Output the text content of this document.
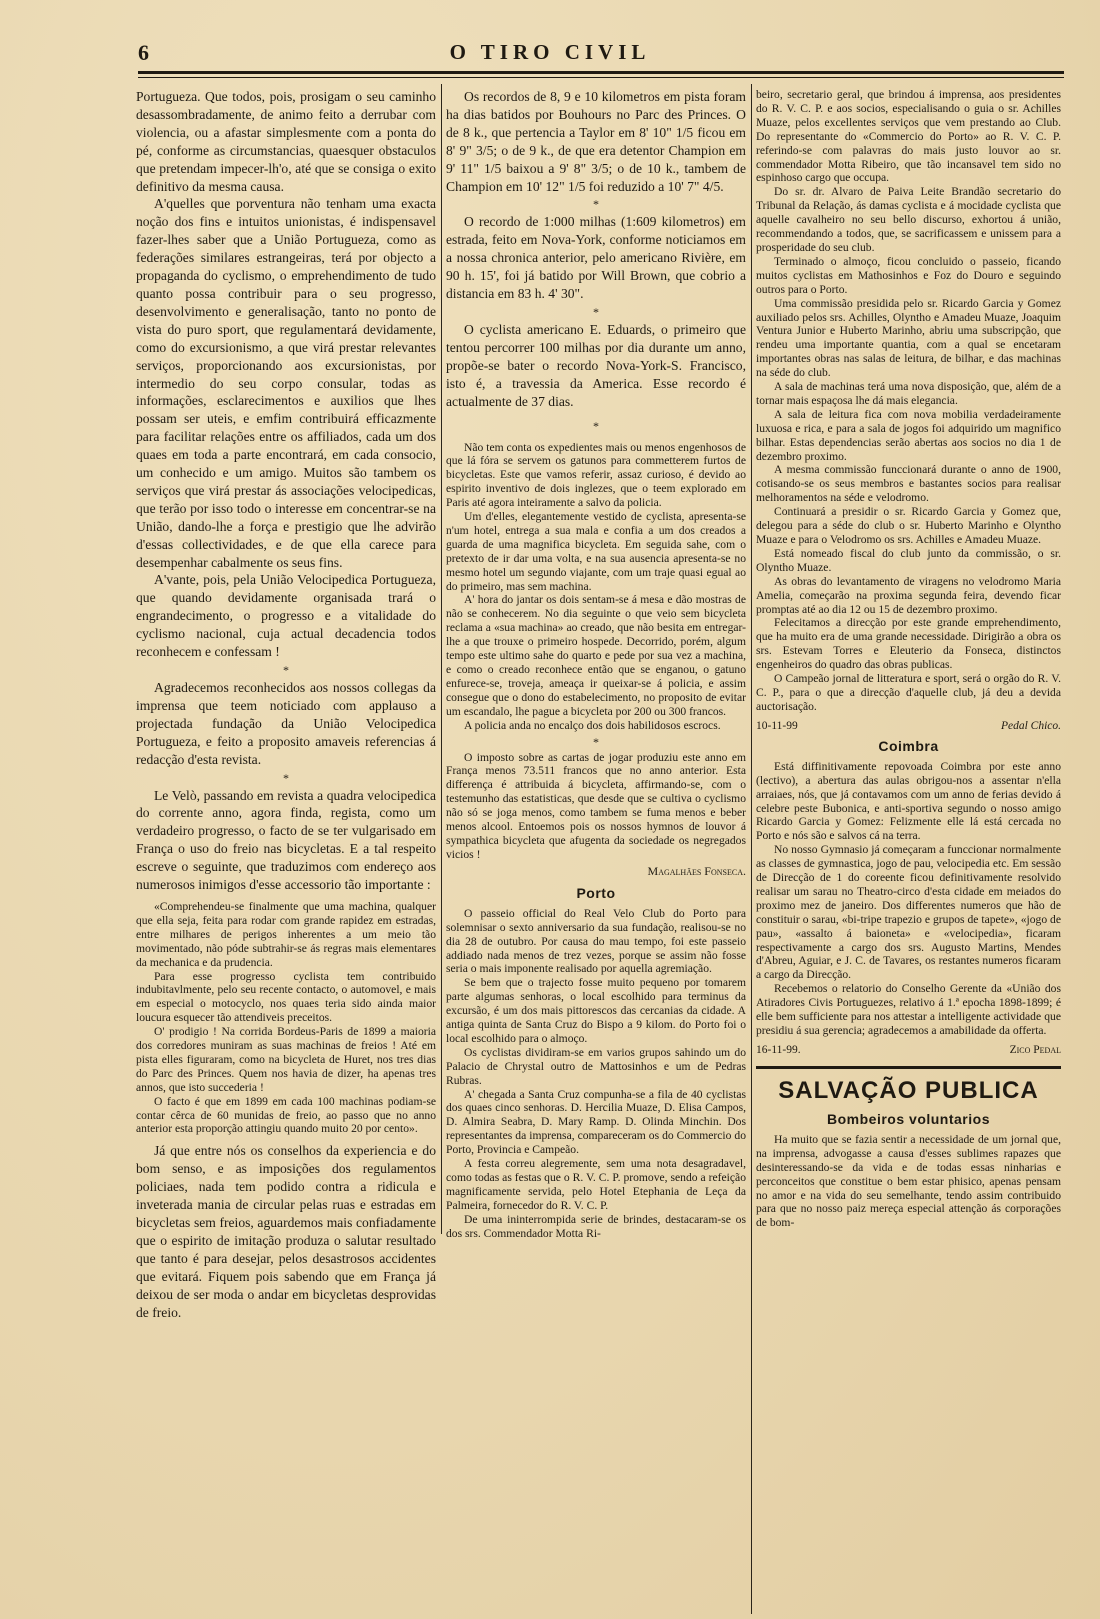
6	O TIRO CIVIL

Portugueza. Que todos, pois, prosigam o seu caminho desassombradamente, de animo feito a derrubar com violencia, ou a afastar simplesmente com a ponta do pé, conforme as circumstancias, quaesquer obstaculos que pretendam impecer-lh'o, até que se consiga o exito definitivo da mesma causa.

A'quelles que porventura não tenham uma exacta noção dos fins e intuitos unionistas, é indispensavel fazer-lhes saber que a União Portugueza, como as federações similares estrangeiras, terá por objecto a propaganda do cyclismo, o emprehendimento de tudo quanto possa contribuir para o seu progresso, desenvolvimento e generalisação, tanto no ponto de vista do puro sport, que regulamentará devidamente, como do excursionismo, a que virá prestar relevantes serviços, proporcionando aos excursionistas, por intermedio do seu corpo consular, todas as informações, esclarecimentos e auxilios que lhes possam ser uteis, e emfim contribuirá efficazmente para facilitar relações entre os affiliados, cada um dos quaes em toda a parte encontrará, em cada consocio, um conhecido e um amigo. Muitos são tambem os serviços que virá prestar ás associações velocipedicas, que terão por isso todo o interesse em concentrar-se na União, dando-lhe a força e prestigio que lhe advirão d'essas collectividades, e de que ella carece para desempenhar cabalmente os seus fins.

A'vante, pois, pela União Velocipedica Portugueza, que quando devidamente organisada trará o engrandecimento, o progresso e a vitalidade do cyclismo nacional, cuja actual decadencia todos reconhecem e confessam !

*

Agradecemos reconhecidos aos nossos collegas da imprensa que teem noticiado com applauso a projectada fundação da União Velocipedica Portugueza, e feito a proposito amaveis referencias á redacção d'esta revista.

*

Le Velò, passando em revista a quadra velocipedica do corrente anno, agora finda, regista, como um verdadeiro progresso, o facto de se ter vulgarisado em França o uso do freio nas bicycletas. E a tal respeito escreve o seguinte, que traduzimos com endereço aos numerosos inimigos d'esse accessorio tão importante :

«Comprehendeu-se finalmente que uma machina, qualquer que ella seja, feita para rodar com grande rapidez em estradas, entre milhares de perigos inherentes a um meio tão movimentado, não póde subtrahir-se ás regras mais elementares da mechanica e da prudencia.

Para esse progresso cyclista tem contribuido indubitavlmente, pelo seu recente contacto, o automovel, e mais em especial o motocyclo, nos quaes teria sido ainda maior loucura esquecer tão attendiveis preceitos.

O' prodigio ! Na corrida Bordeus-Paris de 1899 a maioria dos corredores muniram as suas machinas de freios ! Até em pista elles figuraram, como na bicycleta de Huret, nos tres dias do Parc des Princes. Quem nos havia de dizer, ha apenas tres annos, que isto succederia !

O facto é que em 1899 em cada 100 machinas podiam-se contar cêrca de 60 munidas de freio, ao passo que no anno anterior esta proporção attingiu quando muito 20 por cento».

Já que entre nós os conselhos da experiencia e do bom senso, e as imposições dos regulamentos policiaes, nada tem podido contra a ridicula e inveterada mania de circular pelas ruas e estradas em bicycletas sem freios, aguardemos mais confiadamente que o espirito de imitação produza o salutar resultado que tanto é para desejar, pelos desastrosos accidentes que evitará. Fiquem pois sabendo que em França já deixou de ser moda o andar em bicycletas desprovidas de freio.

Os recordos de 8, 9 e 10 kilometros em pista foram ha dias batidos por Bouhours no Parc des Princes. O de 8 k., que pertencia a Taylor em 8' 10" 1/5 ficou em 8' 9" 3/5; o de 9 k., de que era detentor Champion em 9' 11" 1/5 baixou a 9' 8" 3/5; o de 10 k., tambem de Champion em 10' 12" 1/5 foi reduzido a 10' 7" 4/5.

*

O recordo de 1:000 milhas (1:609 kilometros) em estrada, feito em Nova-York, conforme noticiamos em a nossa chronica anterior, pelo americano Rivière, em 90 h. 15', foi já batido por Will Brown, que cobrio a distancia em 83 h. 4' 30".

*

O cyclista americano E. Eduards, o primeiro que tentou percorrer 100 milhas por dia durante um anno, propõe-se bater o recordo Nova-York-S. Francisco, isto é, a travessia da America. Esse recordo é actualmente de 37 dias.

*

Não tem conta os expedientes mais ou menos engenhosos de que lá fóra se servem os gatunos para commetterem furtos de bicycletas. Este que vamos referir, assaz curioso, é devido ao espirito inventivo de dois inglezes, que o teem explorado em Paris até agora inteiramente a salvo da policia.

Um d'elles, elegantemente vestido de cyclista, apresenta-se n'um hotel, entrega a sua mala e confia a um dos creados a guarda de uma magnifica bicycleta. Em seguida sahe, com o pretexto de ir dar uma volta, e na sua ausencia apresenta-se no mesmo hotel um segundo viajante, com um traje quasi egual ao do primeiro, mas sem machina.

A' hora do jantar os dois sentam-se á mesa e dão mostras de não se conhecerem. No dia seguinte o que veio sem bicycleta reclama a «sua machina» ao creado, que não besita em entregar-lhe a que trouxe o primeiro hospede. Decorrido, porém, algum tempo este ultimo sahe do quarto e pede por sua vez a machina, e como o creado reconhece então que se enganou, o gatuno enfurece-se, troveja, ameaça ir queixar-se á policia, e assim consegue que o dono do estabelecimento, no proposito de evitar um escandalo, lhe pague a bicycleta por 200 ou 300 francos.

A policia anda no encalço dos dois habilidosos escrocs.

*

O imposto sobre as cartas de jogar produziu este anno em França menos 73.511 francos que no anno anterior. Esta differença é attribuida á bicycleta, affirmando-se, com o testemunho das estatisticas, que desde que se cultiva o cyclismo não só se joga menos, como tambem se fuma menos e beber menos alcool. Entoemos pois os nossos hymnos de louvor á sympathica bicycleta que afugenta da sociedade os negregados vicios !

Magalhães Fonseca.
Porto

O passeio official do Real Velo Club do Porto para solemnisar o sexto anniversario da sua fundação, realisou-se no dia 28 de outubro. Por causa do mau tempo, foi este passeio addiado nada menos de trez vezes, porque se assim não fosse seria o mais imponente realisado por aquella agremiação.

Se bem que o trajecto fosse muito pequeno por tomarem parte algumas senhoras, o local escolhido para terminus da excursão, é um dos mais pittorescos das cercanias da cidade. A antiga quinta de Santa Cruz do Bispo a 9 kilom. do Porto foi o local escolhido para o almoço.

Os cyclistas dividiram-se em varios grupos sahindo um do Palacio de Chrystal outro de Mattosinhos e um de Pedras Rubras.

A' chegada a Santa Cruz compunha-se a fila de 40 cyclistas dos quaes cinco senhoras. D. Hercilia Muaze, D. Elisa Campos, D. Almira Seabra, D. Mary Ramp. D. Olinda Minchin. Dos representantes da imprensa, compareceram os do Commercio do Porto, Provincia e Campeão.

A festa correu alegremente, sem uma nota desagradavel, como todas as festas que o R. V. C. P. promove, sendo a refeição magnificamente servida, pelo Hotel Etephania de Leça da Palmeira, fornecedor do R. V. C. P.

De uma ininterrompida serie de brindes, destacaram-se os dos srs. Commendador Motta Ri-

beiro, secretario geral, que brindou á imprensa, aos presidentes do R. V. C. P. e aos socios, especialisando o guia o sr. Achilles Muaze, pelos excellentes serviços que vem prestando ao Club. Do representante do «Commercio do Porto» ao R. V. C. P. referindo-se com palavras do mais justo louvor ao sr. commendador Motta Ribeiro, que tão incansavel tem sido no espinhoso cargo que occupa.

Do sr. dr. Alvaro de Paiva Leite Brandão secretario do Tribunal da Relação, ás damas cyclista e á mocidade cyclista que aquelle cavalheiro no seu bello discurso, exhortou á união, recommendando a todos, que, se sacrificassem e unissem para a prosperidade do seu club.

Terminado o almoço, ficou concluido o passeio, ficando muitos cyclistas em Mathosinhos e Foz do Douro e seguindo outros para o Porto.

Uma commissão presidida pelo sr. Ricardo Garcia y Gomez auxiliado pelos srs. Achilles, Olyntho e Amadeu Muaze, Joaquim Ventura Junior e Huberto Marinho, abriu uma subscripção, que rendeu uma importante quantia, com a qual se encetaram importantes obras nas salas de leitura, de bilhar, e das machinas na séde do club.

A sala de machinas terá uma nova disposição, que, além de a tornar mais espaçosa lhe dá mais elegancia.

A sala de leitura fica com nova mobilia verdadeiramente luxuosa e rica, e para a sala de jogos foi adquirido um magnifico bilhar. Estas dependencias serão abertas aos socios no dia 1 de dezembro proximo.

A mesma commissão funccionará durante o anno de 1900, cotisando-se os seus membros e bastantes socios para realisar melhoramentos na séde e velodromo.

Continuará a presidir o sr. Ricardo Garcia y Gomez que, delegou para a séde do club o sr. Huberto Marinho e Olyntho Muaze e para o Velodromo os srs. Achilles e Amadeu Muaze.

Está nomeado fiscal do club junto da commissão, o sr. Olyntho Muaze.

As obras do levantamento de viragens no velodromo Maria Amelia, começarão na proxima segunda feira, devendo ficar promptas até ao dia 12 ou 15 de dezembro proximo.

Felecitamos a direcção por este grande emprehendimento, que ha muito era de uma grande necessidade. Dirigirão a obra os srs. Estevam Torres e Eleuterio da Fonseca, distinctos engenheiros do quadro das obras publicas.

O Campeão jornal de litteratura e sport, será o orgão do R. V. C. P., para o que a direcção d'aquelle club, já deu a devida auctorisação.

10-11-99	Pedal Chico.
Coimbra

Está diffinitivamente repovoada Coimbra por este anno (lectivo), a abertura das aulas obrigou-nos a assentar n'ella arraiaes, nós, que já contavamos com um anno de ferias devido á celebre peste Bubonica, e anti-sportiva segundo o nosso amigo Ricardo Garcia y Gomez: Felizmente elle lá está cercada no Porto e nós são e salvos cá na terra.

No nosso Gymnasio já começaram a funccionar normalmente as classes de gymnastica, jogo de pau, velocipedia etc. Em sessão de Direcção de 1 do coreente ficou definitivamente resolvido realisar um sarau no Theatro-circo d'esta cidade em meiados do proximo mez de janeiro. Dos differentes numeros que hão de constituir o sarau, «bi-tripe trapezio e grupos de tapete», «jogo de pau», «assalto á baioneta» e «velocipedia», ficaram respectivamente a cargo dos srs. Augusto Martins, Mendes d'Abreu, Aguiar, e J. C. de Tavares, os restantes numeros ficaram a cargo da Direcção.

Recebemos o relatorio do Conselho Gerente da «União dos Atiradores Civis Portuguezes, relativo á 1.ª epocha 1898-1899; é elle bem sufficiente para nos attestar a intelligente actividade que presidiu á sua gerencia; agradecemos a amabilidade da offerta.

16-11-99.	Zico Pedal
SALVAÇÃO PUBLICA
Bombeiros voluntarios

Ha muito que se fazia sentir a necessidade de um jornal que, na imprensa, advogasse a causa d'esses sublimes rapazes que desinteressando-se da vida e de todas essas ninharias e perconceitos que constitue o bem estar phisico, apenas pensam no amor e na vida do seu semelhante, tendo assim contribuido para que no nosso paiz mereça especial attenção ás corporações de bom-
